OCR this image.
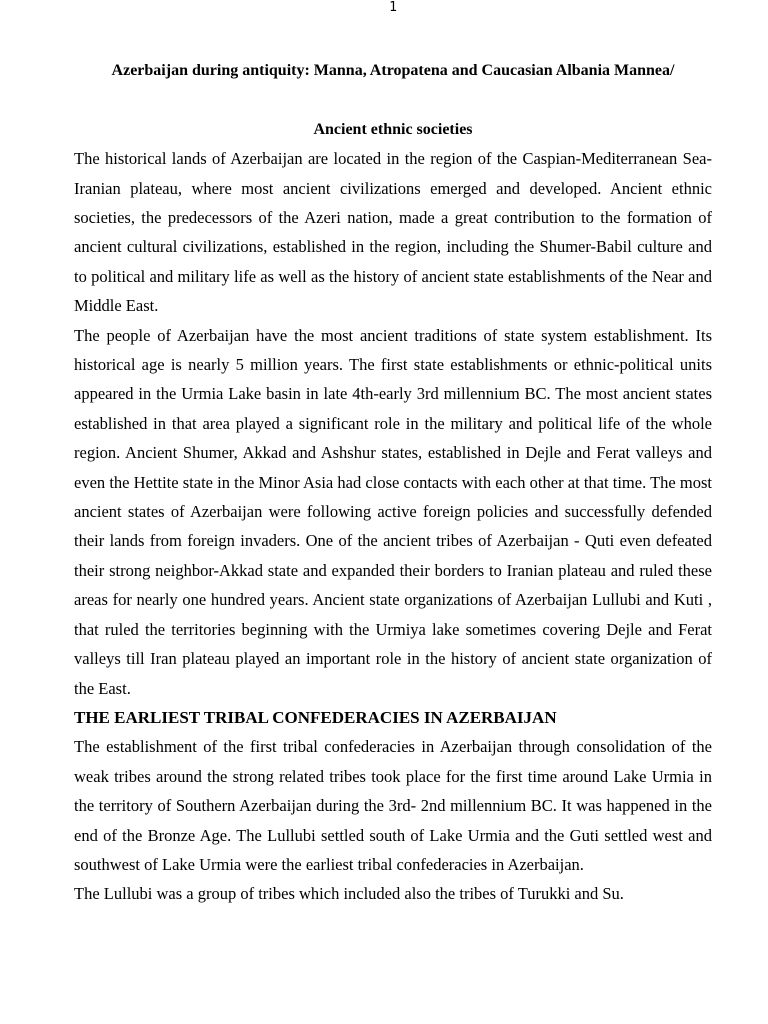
1
Azerbaijan during antiquity: Manna, Atropatena and Caucasian Albania Mannea/
Ancient ethnic societies

The historical lands of Azerbaijan are located in the region of the Caspian-Mediterranean Sea-Iranian plateau, where most ancient civilizations emerged and developed. Ancient ethnic societies, the predecessors of the Azeri nation, made a great contribution to the formation of ancient cultural civilizations, established in the region, including the Shumer-Babil culture and to political and military life as well as the history of ancient state establishments of the Near and Middle East.

The people of Azerbaijan have the most ancient traditions of state system establishment. Its historical age is nearly 5 million years. The first state establishments or ethnic-political units appeared in the Urmia Lake basin in late 4th-early 3rd millennium BC. The most ancient states established in that area played a significant role in the military and political life of the whole region. Ancient Shumer, Akkad and Ashshur states, established in Dejle and Ferat valleys and even the Hettite state in the Minor Asia had close contacts with each other at that time. The most ancient states of Azerbaijan were following active foreign policies and successfully defended their lands from foreign invaders. One of the ancient tribes of Azerbaijan - Quti even defeated their strong neighbor-Akkad state and expanded their borders to Iranian plateau and ruled these areas for nearly one hundred years. Ancient state organizations of Azerbaijan Lullubi and Kuti , that ruled the territories beginning with the Urmiya lake sometimes covering Dejle and Ferat valleys till Iran plateau played an important role in the history of ancient state organization of the East.

THE EARLIEST TRIBAL CONFEDERACIES IN AZERBAIJAN

The establishment of the first tribal confederacies in Azerbaijan through consolidation of the weak tribes around the strong related tribes took place for the first time around Lake Urmia in the territory of Southern Azerbaijan during the 3rd- 2nd millennium BC. It was happened in the end of the Bronze Age. The Lullubi settled south of Lake Urmia and the Guti settled west and southwest of Lake Urmia were the earliest tribal confederacies in Azerbaijan.

The Lullubi was a group of tribes which included also the tribes of Turukki and Su.
